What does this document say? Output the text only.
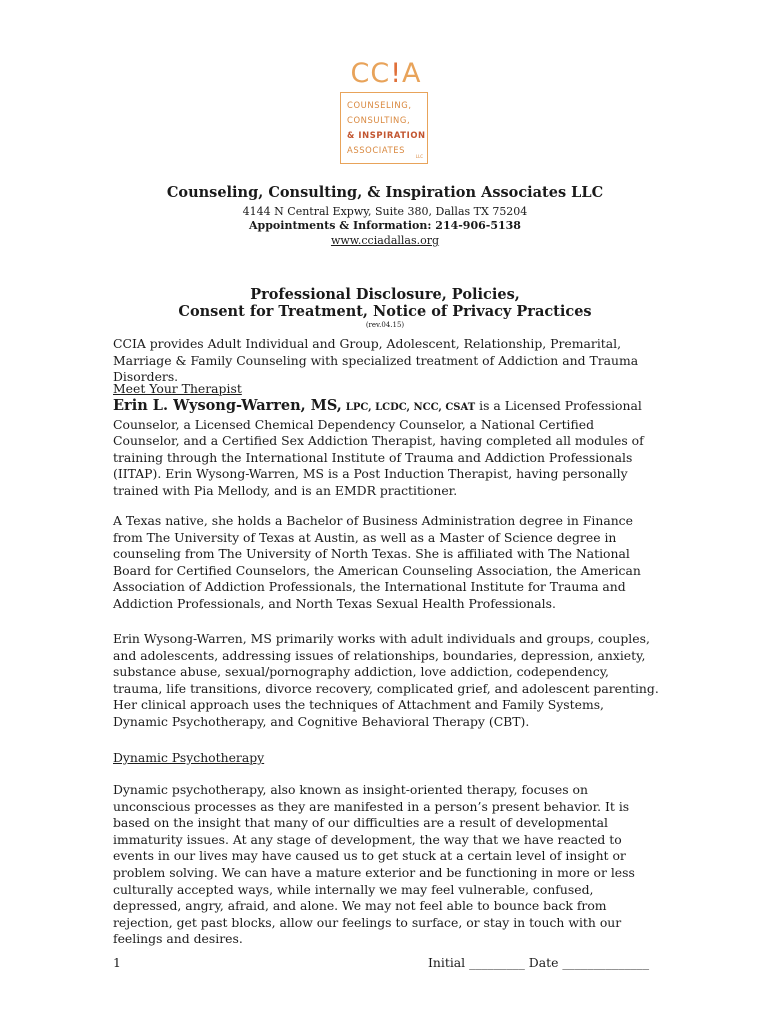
CC!A
COUNSELING,
CONSULTING,
& INSPIRATION
ASSOCIATES
LLC
Counseling, Consulting, & Inspiration Associates LLC
4144 N Central Expwy, Suite 380, Dallas TX 75204
Appointments & Information: 214-906-5138
www.cciadallas.org
Professional Disclosure, Policies,
Consent for Treatment, Notice of Privacy Practices
(rev.04.15)
CCIA provides Adult Individual and Group, Adolescent, Relationship, Premarital, Marriage & Family Counseling with specialized treatment of Addiction and Trauma Disorders.
Meet Your Therapist
Erin L. Wysong-Warren, MS, LPC, LCDC, NCC, CSAT is a Licensed Professional Counselor, a Licensed Chemical Dependency Counselor, a National Certified Counselor, and a Certified Sex Addiction Therapist, having completed all modules of training through the International Institute of Trauma and Addiction Professionals (IITAP). Erin Wysong-Warren, MS is a Post Induction Therapist, having personally trained with Pia Mellody, and is an EMDR practitioner.
A Texas native, she holds a Bachelor of Business Administration degree in Finance from The University of Texas at Austin, as well as a Master of Science degree in counseling from The University of North Texas. She is affiliated with The National Board for Certified Counselors, the American Counseling Association, the American Association of Addiction Professionals, the International Institute for Trauma and Addiction Professionals, and North Texas Sexual Health Professionals.
Erin Wysong-Warren, MS primarily works with adult individuals and groups, couples, and adolescents, addressing issues of relationships, boundaries, depression, anxiety, substance abuse, sexual/pornography addiction, love addiction, codependency, trauma, life transitions, divorce recovery, complicated grief, and adolescent parenting. Her clinical approach uses the techniques of Attachment and Family Systems, Dynamic Psychotherapy, and Cognitive Behavioral Therapy (CBT).
Dynamic Psychotherapy
Dynamic psychotherapy, also known as insight-oriented therapy, focuses on unconscious processes as they are manifested in a person’s present behavior. It is based on the insight that many of our difficulties are a result of developmental immaturity issues. At any stage of development, the way that we have reacted to events in our lives may have caused us to get stuck at a certain level of insight or problem solving. We can have a mature exterior and be functioning in more or less culturally accepted ways, while internally we may feel vulnerable, confused, depressed, angry, afraid, and alone. We may not feel able to bounce back from rejection, get past blocks, allow our feelings to surface, or stay in touch with our feelings and desires.
1	Initial _________ Date ______________
